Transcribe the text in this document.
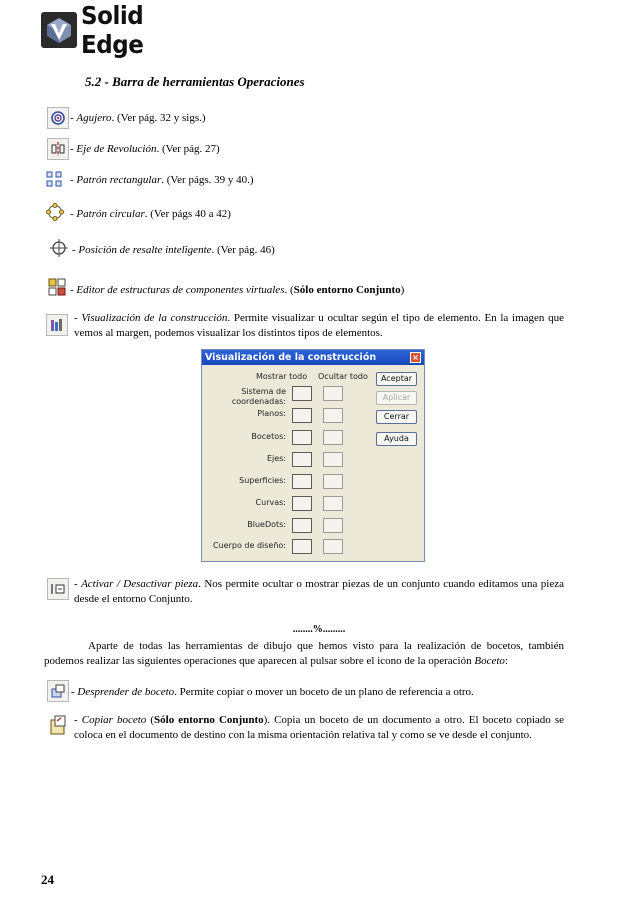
Solid Edge
5.2 - Barra de herramientas Operaciones
- Agujero. (Ver pág. 32 y sigs.)
- Eje de Revolución. (Ver pág. 27)
- Patrón rectangular. (Ver págs. 39 y 40.)
- Patrón circular. (Ver págs 40 a 42)
- Posición de resalte inteligente. (Ver pág. 46)
- Editor de estructuras de componentes virtuales. (Sólo entorno Conjunto)
- Visualización de la construcción. Permite visualizar u ocultar según el tipo de elemento. En la imagen que vemos al margen, podemos visualizar los distintos tipos de elementos.
Visualización de la construcción	×
Mostrar todo Ocultar todo
Sistema de coordenadas:
Planos:
Bocetos:
Ejes:
Superficies:
Curvas:
BlueDots:
Cuerpo de diseño:
Aceptar
Aplicar
Cerrar
Ayuda
- Activar / Desactivar pieza. Nos permite ocultar o mostrar piezas de un conjunto cuando editamos una pieza desde el entorno Conjunto.
........%.........
Aparte de todas las herramientas de dibujo que hemos visto para la realización de bocetos, también podemos realizar las siguientes operaciones que aparecen al pulsar sobre el icono de la operación Boceto:
- Desprender de boceto. Permite copiar o mover un boceto de un plano de referencia a otro.
- Copiar boceto (Sólo entorno Conjunto). Copia un boceto de un documento a otro. El boceto copiado se coloca en el documento de destino con la misma orientación relativa tal y como se ve desde el conjunto.
24
